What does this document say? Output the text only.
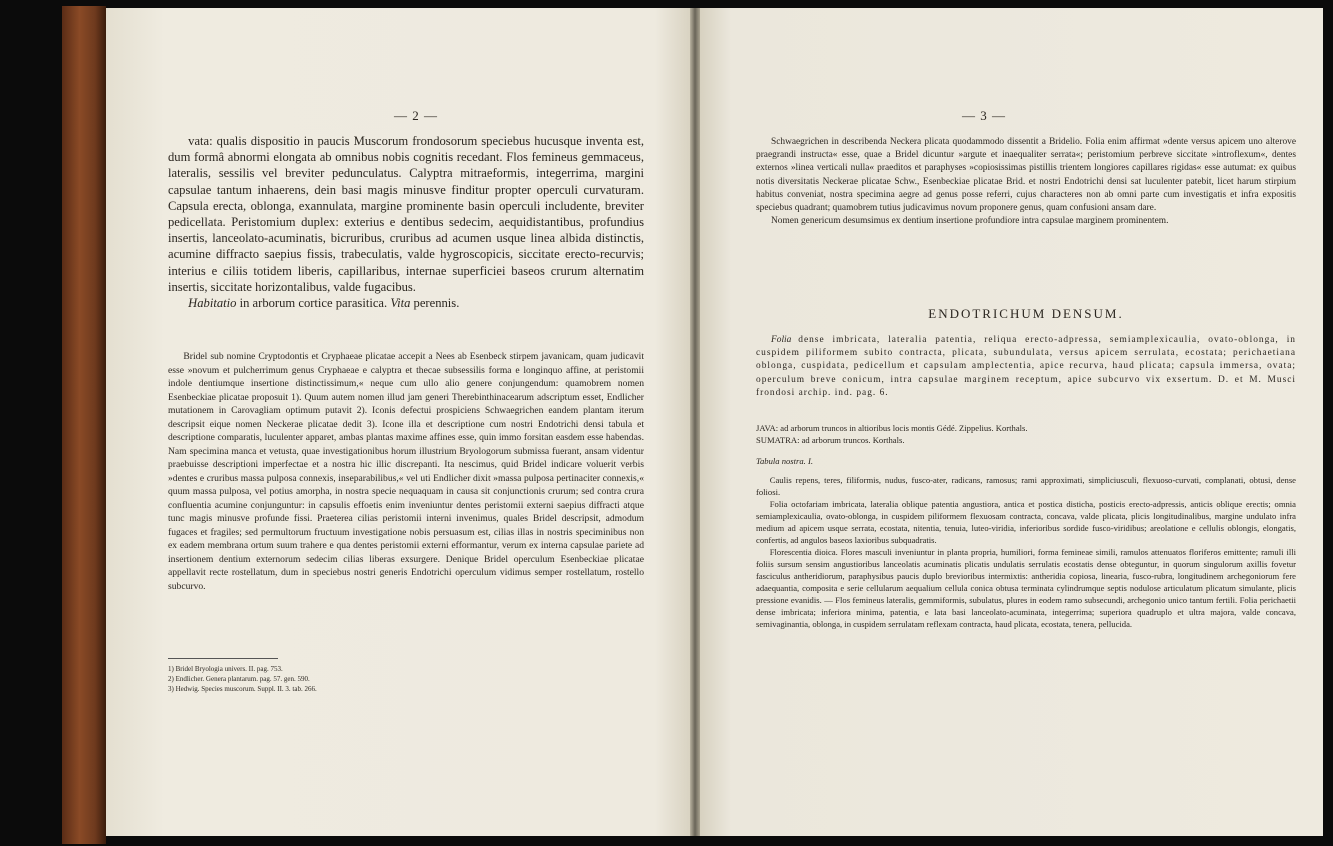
— 2 —

vata: qualis dispositio in paucis Muscorum frondosorum speciebus hucusque inventa est, dum formâ abnormi elongata ab omnibus nobis cognitis recedant. Flos femineus gemmaceus, lateralis, sessilis vel breviter pedunculatus. Calyptra mitraeformis, integerrima, margini capsulae tantum inhaerens, dein basi magis minusve finditur propter operculi curvaturam. Capsula erecta, oblonga, exannulata, margine prominente basin operculi includente, breviter pedicellata. Peristomium duplex: exterius e dentibus sedecim, aequidistantibus, profundius insertis, lanceolato-acuminatis, bicruribus, cruribus ad acumen usque linea albida distinctis, acumine diffracto saepius fissis, trabeculatis, valde hygroscopicis, siccitate erecto-recurvis; interius e ciliis totidem liberis, capillaribus, internae superficiei baseos crurum alternatim insertis, siccitate horizontalibus, valde fugacibus.

Habitatio in arborum cortice parasitica. Vita perennis.

Bridel sub nomine Cryptodontis et Cryphaeae plicatae accepit a Nees ab Esenbeck stirpem javanicam, quam judicavit esse »novum et pulcherrimum genus Cryphaeae e calyptra et thecae subsessilis forma e longinquo affine, at peristomii indole dentiumque insertione distinctissimum,« neque cum ullo alio genere conjungendum: quamobrem nomen Esenbeckiae plicatae proposuit 1). Quum autem nomen illud jam generi Therebinthinacearum adscriptum esset, Endlicher mutationem in Carovagliam optimum putavit 2). Iconis defectui prospiciens Schwaegrichen eandem plantam iterum descripsit eique nomen Neckerae plicatae dedit 3). Icone illa et descriptione cum nostri Endotrichi densi tabula et descriptione comparatis, luculenter apparet, ambas plantas maxime affines esse, quin immo forsitan easdem esse habendas. Nam specimina manca et vetusta, quae investigationibus horum illustrium Bryologorum submissa fuerant, ansam videntur praebuisse descriptioni imperfectae et a nostra hic illic discrepanti. Ita nescimus, quid Bridel indicare voluerit verbis »dentes e cruribus massa pulposa connexis, inseparabilibus,« vel uti Endlicher dixit »massa pulposa pertinaciter connexis,« quum massa pulposa, vel potius amorpha, in nostra specie nequaquam in causa sit conjunctionis crurum; sed contra crura confluentia acumine conjunguntur: in capsulis effoetis enim inveniuntur dentes peristomii externi saepius diffracti atque tunc magis minusve profunde fissi. Praeterea cilias peristomii interni invenimus, quales Bridel descripsit, admodum fugaces et fragiles; sed permultorum fructuum investigatione nobis persuasum est, cilias illas in nostris speciminibus non ex eadem membrana ortum suum trahere e qua dentes peristomii externi efformantur, verum ex interna capsulae pariete ad insertionem dentium externorum sedecim cilias liberas exsurgere. Denique Bridel operculum Esenbeckiae plicatae appellavit recte rostellatum, dum in speciebus nostri generis Endotrichi operculum vidimus semper rostellatum, rostello subcurvo.

1) Bridel Bryologia univers. II. pag. 753.
2) Endlicher. Genera plantarum. pag. 57. gen. 590.
3) Hedwig. Species muscorum. Suppl. II. 3. tab. 266.
— 3 —

Schwaegrichen in describenda Neckera plicata quodammodo dissentit a Bridelio. Folia enim affirmat »dente versus apicem uno alterove praegrandi instructa« esse, quae a Bridel dicuntur »argute et inaequaliter serrata«; peristomium perbreve siccitate »introflexum«, dentes externos »linea verticali nulla« praeditos et paraphyses »copiosissimas pistillis trientem longiores capillares rigidas« esse autumat: ex quibus notis diversitatis Neckerae plicatae Schw., Esenbeckiae plicatae Brid. et nostri Endotrichi densi sat luculenter patebit, licet harum stirpium habitus conveniat, nostra specimina aegre ad genus posse referri, cujus characteres non ab omni parte cum investigatis et infra expositis speciebus quadrant; quamobrem tutius judicavimus novum proponere genus, quam confusioni ansam dare.

Nomen genericum desumsimus ex dentium insertione profundiore intra capsulae marginem prominentem.

ENDOTRICHUM DENSUM.

Folia dense imbricata, lateralia patentia, reliqua erecto-adpressa, semiamplexicaulia, ovato-oblonga, in cuspidem piliformem subito contracta, plicata, subundulata, versus apicem serrulata, ecostata; perichaetiana oblonga, cuspidata, pedicellum et capsulam amplectentia, apice recurva, haud plicata; capsula immersa, ovata; operculum breve conicum, intra capsulae marginem receptum, apice subcurvo vix exsertum. D. et M. Musci frondosi archip. ind. pag. 6.

JAVA: ad arborum truncos in altioribus locis montis Gédé. Zippelius. Korthals.
SUMATRA: ad arborum truncos. Korthals.
Tabula nostra. I.

Caulis repens, teres, filiformis, nudus, fusco-ater, radicans, ramosus; rami approximati, simpliciusculi, flexuoso-curvati, complanati, obtusi, dense foliosi.

Folia octofariam imbricata, lateralia oblique patentia angustiora, antica et postica disticha, posticis erecto-adpressis, anticis oblique erectis; omnia semiamplexicaulia, ovato-oblonga, in cuspidem piliformem flexuosam contracta, concava, valde plicata, plicis longitudinalibus, margine undulato infra medium ad apicem usque serrata, ecostata, nitentia, tenuia, luteo-viridia, inferioribus sordide fusco-viridibus; areolatione e cellulis oblongis, elongatis, confertis, ad angulos baseos laxioribus subquadratis.

Florescentia dioica. Flores masculi inveniuntur in planta propria, humiliori, forma femineae simili, ramulos attenuatos floriferos emittente; ramuli illi foliis sursum sensim angustioribus lanceolatis acuminatis plicatis undulatis serrulatis ecostatis dense obteguntur, in quorum singulorum axillis fovetur fasciculus antheridiorum, paraphysibus paucis duplo brevioribus intermixtis: antheridia copiosa, linearia, fusco-rubra, longitudinem archegoniorum fere adaequantia, composita e serie cellularum aequalium cellula conica obtusa terminata cylindrumque septis nodulose articulatum plicatum simulante, plicis pressione evanidis. — Flos femineus lateralis, gemmiformis, subulatus, plures in eodem ramo subsecundi, archegonio unico tantum fertili. Folia perichaetii dense imbricata; inferiora minima, patentia, e lata basi lanceolato-acuminata, integerrima; superiora quadruplo et ultra majora, valde concava, semivaginantia, oblonga, in cuspidem serrulatam reflexam contracta, haud plicata, ecostata, tenera, pellucida.
